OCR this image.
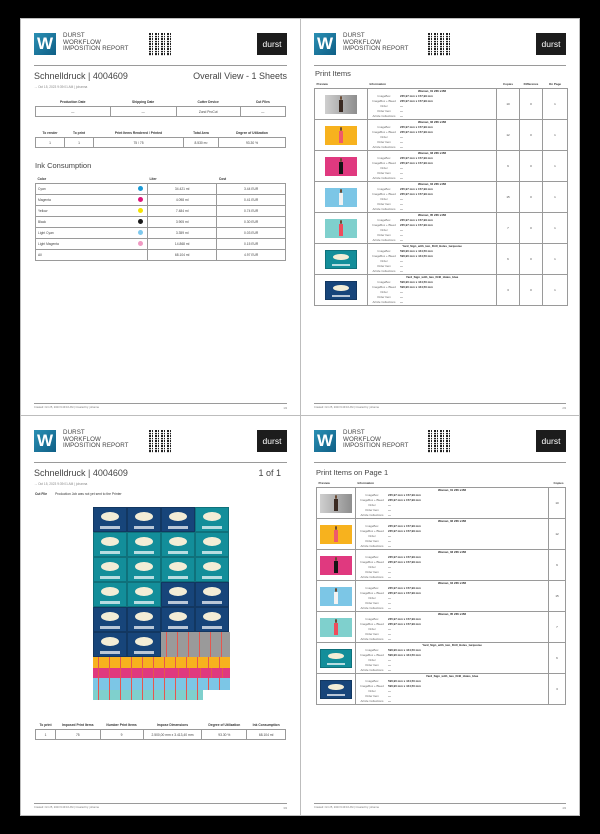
W	DURST
WORKFLOW
IMPOSITION REPORT	durst
Schnelldruck | 4004609	Overall View - 1 Sheets
→ Oct 15, 2023 9:39:01 AM | johanna
Production Date	Shipping Date	Cutter Device	Cut Files
—	—	Zund ProCut	—
To render	To print	Print Items Rendered / Printed	Total Area	Degree of Utilization
1	1	75 / 75	8.530 m²	93.30 %
Ink Consumption
Color	Liter	Cost
Cyan	34.421 ml	3.44 EUR
Magenta	4.098 ml	0.41 EUR
Yellow	7.484 ml	0.74 EUR
Black	3.905 ml	0.30 EUR
Light Cyan	3.359 ml	0.03 EUR
Light Magenta	14.868 ml	0.15 EUR
All	68.104 ml	4.97 EUR
Created: Oct 25, 2023 9:49:16 AM | Created by: johanna	1/3
W	DURST
WORKFLOW
IMPOSITION REPORT	durst
Print Items
Preview	Information	Copies	Difference	On Page

	Woman_01 236 x158
ImageBox	235,97 mm x 157,99 mm
ImageBox + Bleed	235,97 mm x 157,99 mm
Order	—
Order Item	—
Article Collections	—
	10	0	1

	Woman_02 236 x158
ImageBox	235,97 mm x 157,99 mm
ImageBox + Bleed	235,97 mm x 157,99 mm
Order	—
Order Item	—
Article Collections	—
	12	0	1

	Woman_03 236 x158
ImageBox	235,97 mm x 157,99 mm
ImageBox + Bleed	235,97 mm x 157,99 mm
Order	—
Order Item	—
Article Collections	—
	9	0	1

	Woman_04 236 x158
ImageBox	235,97 mm x 157,99 mm
ImageBox + Bleed	235,97 mm x 157,99 mm
Order	—
Order Item	—
Article Collections	—
	15	0	1

	Woman_05 236 x158
ImageBox	235,97 mm x 157,99 mm
ImageBox + Bleed	235,97 mm x 157,99 mm
Order	—
Order Item	—
Article Collections	—
	7	0	1

	Yard_Sign_with_two_Drill_Holes_turquoise
ImageBox	596,90 mm x 444,50 mm
ImageBox + Bleed	596,90 mm x 444,50 mm
Order	—
Order Item	—
Article Collections	—
	6	0	1

	Yard_Sign_with_two_Drill_Holes_blue
ImageBox	596,90 mm x 444,50 mm
ImageBox + Bleed	596,90 mm x 444,50 mm
Order	—
Order Item	—
Article Collections	—
	3	0	1
Created: Oct 25, 2023 9:49:16 AM | Created by: johanna	2/3
W	DURST
WORKFLOW
IMPOSITION REPORT	durst
Schnelldruck | 4004609	1 of 1
→ Oct 15, 2023 9:39:01 AM | johanna
Cut File Production Job was not yet sent to the Printer
To print	Imposed Print Items	Number Print Items	Impose Dimensions	Degree of Utilization	Ink Consumption
1	75	9	2.500,00 mm x 3.413,40 mm	93.30 %	68.104 ml
Created: Oct 25, 2023 9:49:16 AM | Created by: johanna	3/3
W	DURST
WORKFLOW
IMPOSITION REPORT	durst
Print Items on Page 1
Preview	Information	Copies

	Woman_01 236 x158
ImageBox	235,97 mm x 157,99 mm
ImageBox + Bleed	235,97 mm x 157,99 mm
Order	—
Order Item	—
Article Collections	—
	10

	Woman_02 236 x158
ImageBox	235,97 mm x 157,99 mm
ImageBox + Bleed	235,97 mm x 157,99 mm
Order	—
Order Item	—
Article Collections	—
	12

	Woman_03 236 x158
ImageBox	235,97 mm x 157,99 mm
ImageBox + Bleed	235,97 mm x 157,99 mm
Order	—
Order Item	—
Article Collections	—
	9

	Woman_04 236 x158
ImageBox	235,97 mm x 157,99 mm
ImageBox + Bleed	235,97 mm x 157,99 mm
Order	—
Order Item	—
Article Collections	—
	15

	Woman_05 236 x158
ImageBox	235,97 mm x 157,99 mm
ImageBox + Bleed	235,97 mm x 157,99 mm
Order	—
Order Item	—
Article Collections	—
	7

	Yard_Sign_with_two_Drill_Holes_turquoise
ImageBox	596,90 mm x 444,50 mm
ImageBox + Bleed	596,90 mm x 444,50 mm
Order	—
Order Item	—
Article Collections	—
	6

	Yard_Sign_with_two_Drill_Holes_blue
ImageBox	596,90 mm x 444,50 mm
ImageBox + Bleed	596,90 mm x 444,50 mm
Order	—
Order Item	—
Article Collections	—
	3
Created: Oct 25, 2023 9:49:16 AM | Created by: johanna	4/3
